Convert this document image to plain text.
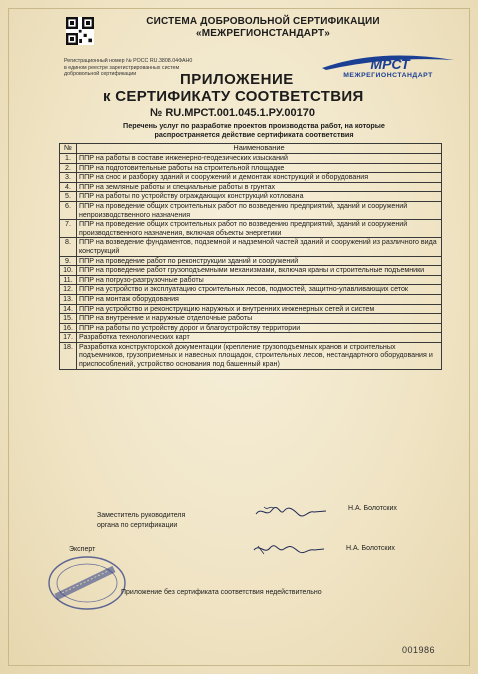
СИСТЕМА ДОБРОВОЛЬНОЙ СЕРТИФИКАЦИИ
«МЕЖРЕГИОНСТАНДАРТ»
Регистрационный номер № РОСС RU.3808.04ФАН0
в едином реестре зарегистрированных систем
добровольной сертификации
МРСТ
МЕЖРЕГИОНСТАНДАРТ
ПРИЛОЖЕНИЕ
к СЕРТИФИКАТУ СООТВЕТСТВИЯ
№ RU.МРСТ.001.045.1.РУ.00170
Перечень услуг по разработке проектов производства работ, на которые
распространяется действие сертификата соответствия
№	Наименование
1.	ППР на работы в составе инженерно-геодезических изысканий
2.	ППР на подготовительные работы на строительной площадке
3.	ППР на снос и разборку зданий и сооружений и демонтаж конструкций и оборудования
4.	ППР на земляные работы и специальные работы в грунтах
5.	ППР на работы по устройству ограждающих конструкций котлована
6.	ППР на проведение общих строительных работ по возведению предприятий, зданий и сооружений непроизводственного назначения
7.	ППР на проведение общих строительных работ по возведению предприятий, зданий и сооружений производственного назначения, включая объекты энергетики
8.	ППР на возведение фундаментов, подземной и надземной частей зданий и сооружений из различного вида конструкций
9.	ППР на проведение работ по реконструкции зданий и сооружений
10.	ППР на проведение работ грузоподъемными механизмами, включая краны и строительные подъемники
11.	ППР на погрузо-разгрузочные работы
12.	ППР на устройство и эксплуатацию строительных лесов, подмостей, защитно-улавливающих сеток
13.	ППР на монтаж оборудования
14.	ППР на устройство и реконструкцию наружных и внутренних инженерных сетей и систем
15.	ППР на внутренние и наружные отделочные работы
16.	ППР на работы по устройству дорог и благоустройству территории
17.	Разработка технологических карт
18.	Разработка конструкторской документации (крепление грузоподъемных кранов и строительных подъемников, грузоприемных и навесных площадок, строительных лесов, нестандартного оборудования и приспособлений, устройство основания под башенный кран)
Заместитель руководителя
органа по сертификации
Н.А. Болотских
Эксперт	Н.А. Болотских
Приложение без сертификата соответствия недействительно
001986
